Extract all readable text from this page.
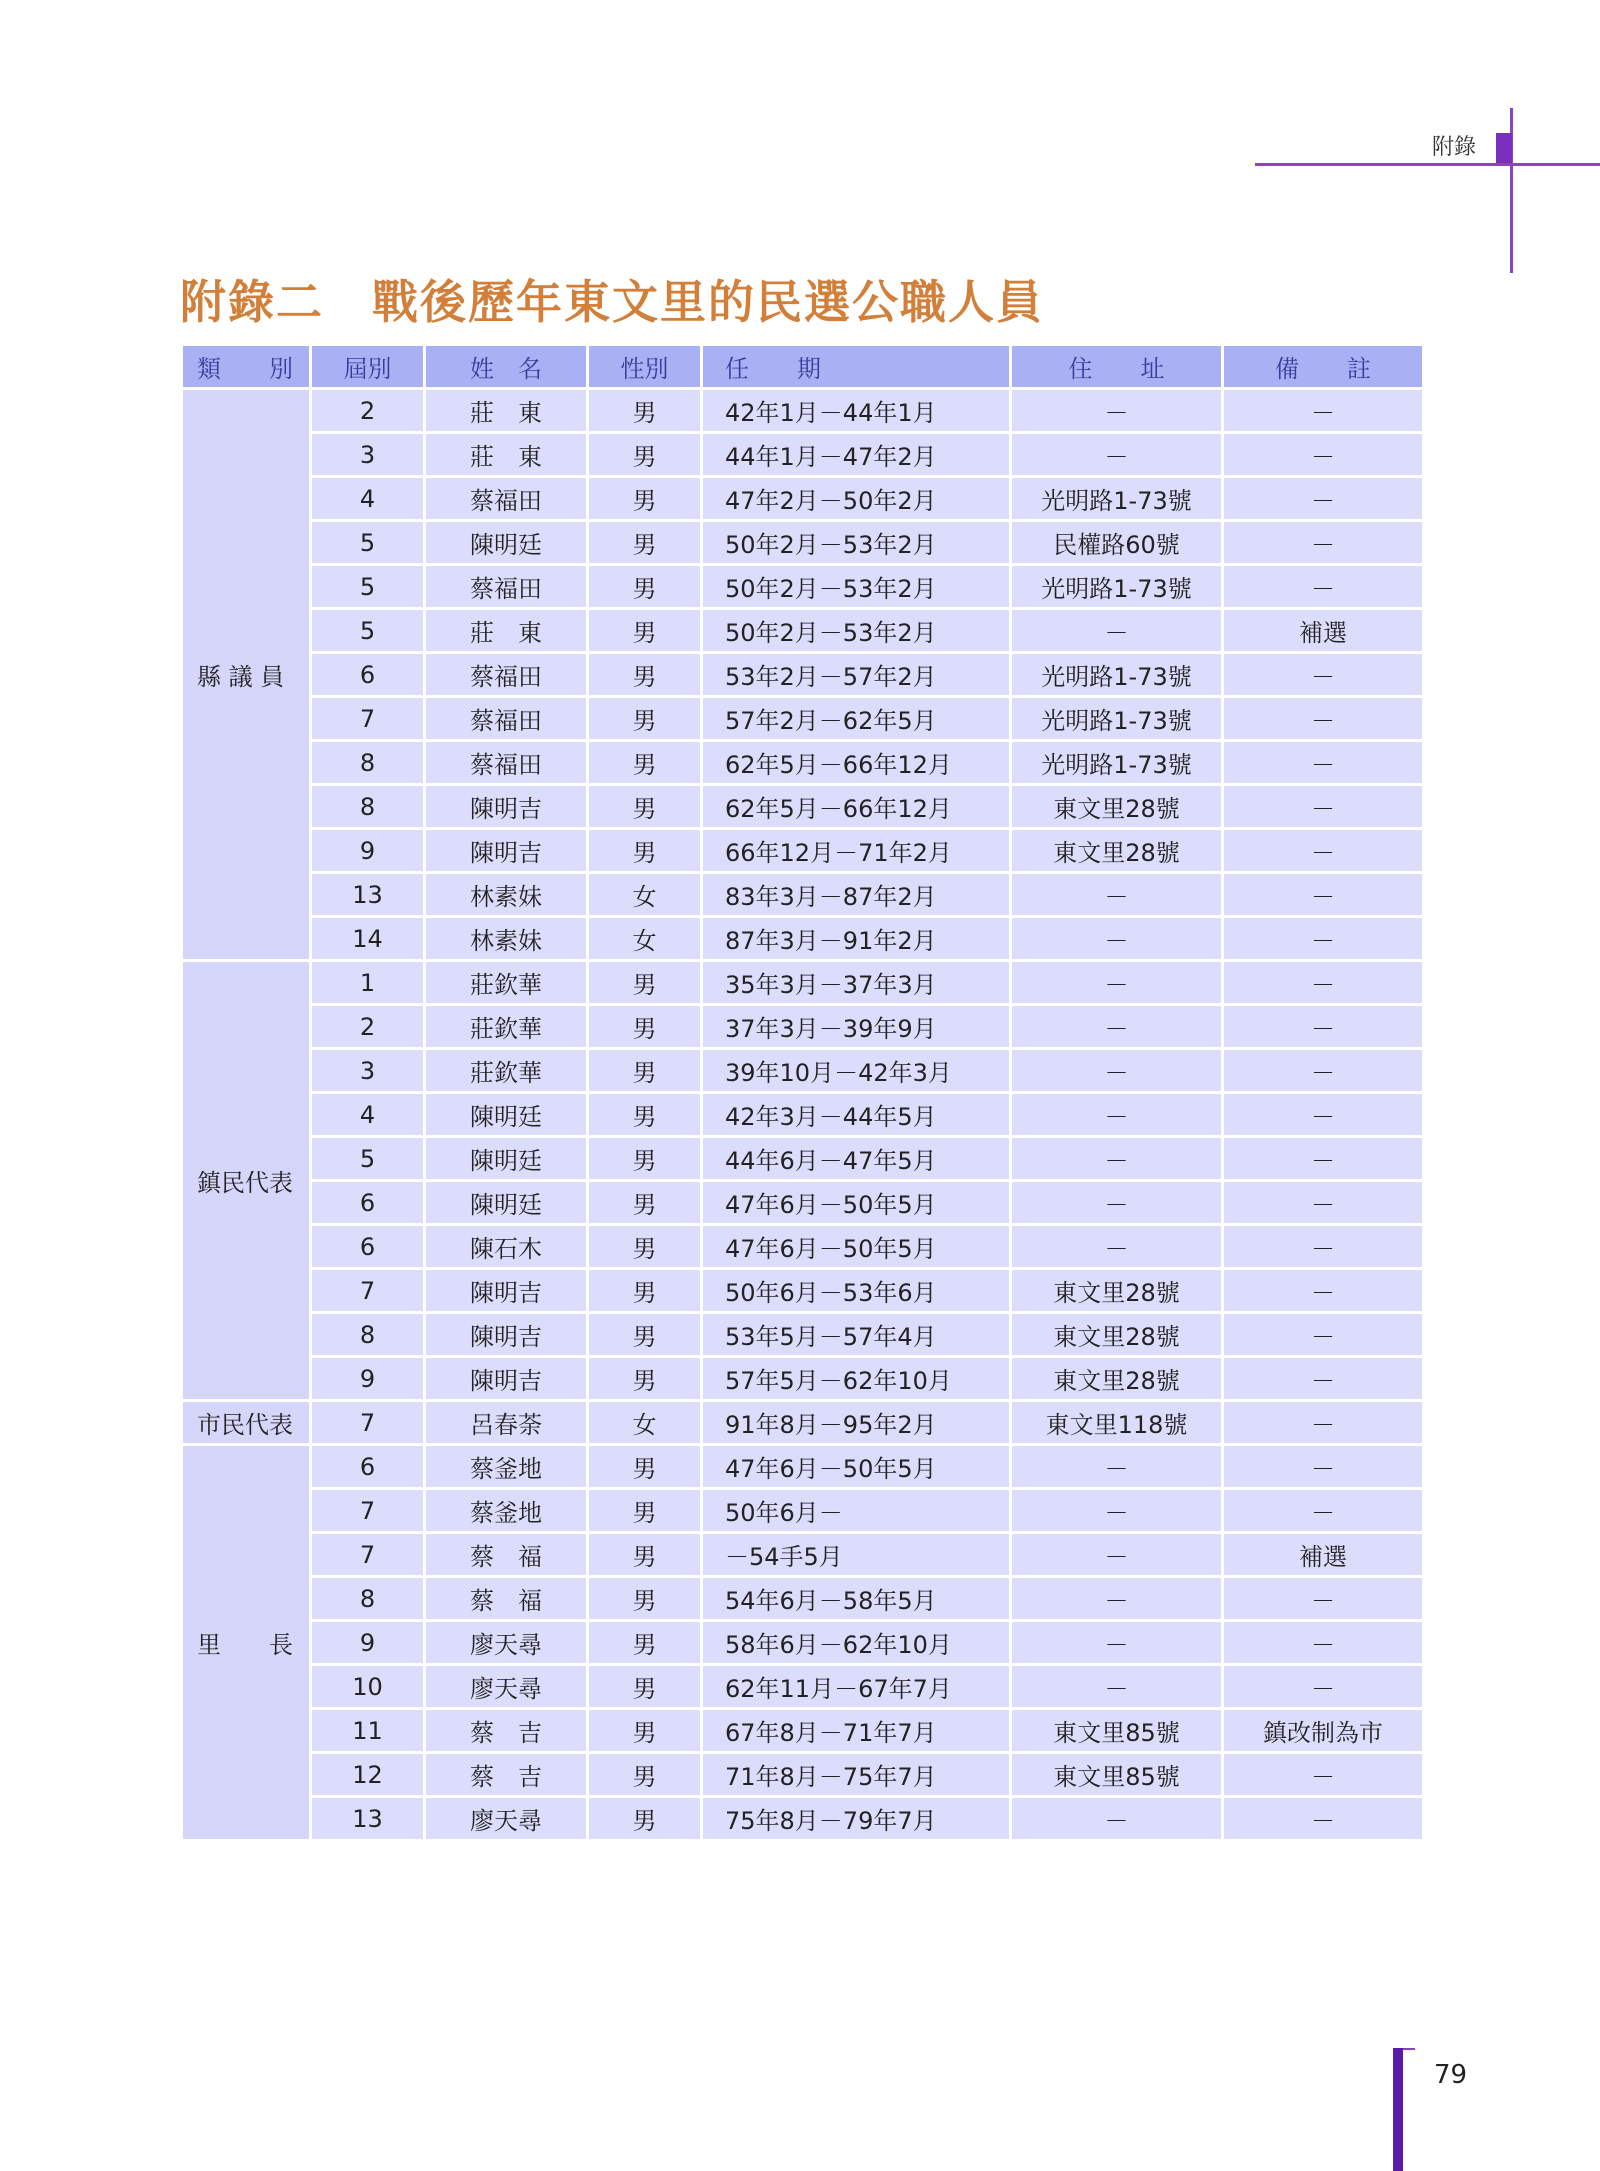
附錄
附錄二　戰後歷年東文里的民選公職人員
類　　別	屆別	姓　名	性別	任　　期	住　　址	備　　註
縣 議 員	2	莊　東	男	42年1月－44年1月	－	－
	3	莊　東	男	44年1月－47年2月	－	－
	4	蔡福田	男	47年2月－50年2月	光明路1-73號	－
	5	陳明廷	男	50年2月－53年2月	民權路60號	－
	5	蔡福田	男	50年2月－53年2月	光明路1-73號	－
	5	莊　東	男	50年2月－53年2月	－	補選
	6	蔡福田	男	53年2月－57年2月	光明路1-73號	－
	7	蔡福田	男	57年2月－62年5月	光明路1-73號	－
	8	蔡福田	男	62年5月－66年12月	光明路1-73號	－
	8	陳明吉	男	62年5月－66年12月	東文里28號	－
	9	陳明吉	男	66年12月－71年2月	東文里28號	－
	13	林素妹	女	83年3月－87年2月	－	－
	14	林素妹	女	87年3月－91年2月	－	－
鎮民代表	1	莊欽華	男	35年3月－37年3月	－	－
	2	莊欽華	男	37年3月－39年9月	－	－
	3	莊欽華	男	39年10月－42年3月	－	－
	4	陳明廷	男	42年3月－44年5月	－	－
	5	陳明廷	男	44年6月－47年5月	－	－
	6	陳明廷	男	47年6月－50年5月	－	－
	6	陳石木	男	47年6月－50年5月	－	－
	7	陳明吉	男	50年6月－53年6月	東文里28號	－
	8	陳明吉	男	53年5月－57年4月	東文里28號	－
	9	陳明吉	男	57年5月－62年10月	東文里28號	－
市民代表	7	呂春荼	女	91年8月－95年2月	東文里118號	－
里　　長	6	蔡釜地	男	47年6月－50年5月	－	－
	7	蔡釜地	男	50年6月－	－	－
	7	蔡　福	男	－54手5月	－	補選
	8	蔡　福	男	54年6月－58年5月	－	－
	9	廖天尋	男	58年6月－62年10月	－	－
	10	廖天尋	男	62年11月－67年7月	－	－
	11	蔡　吉	男	67年8月－71年7月	東文里85號	鎮改制為市
	12	蔡　吉	男	71年8月－75年7月	東文里85號	－
	13	廖天尋	男	75年8月－79年7月	－	－
79
